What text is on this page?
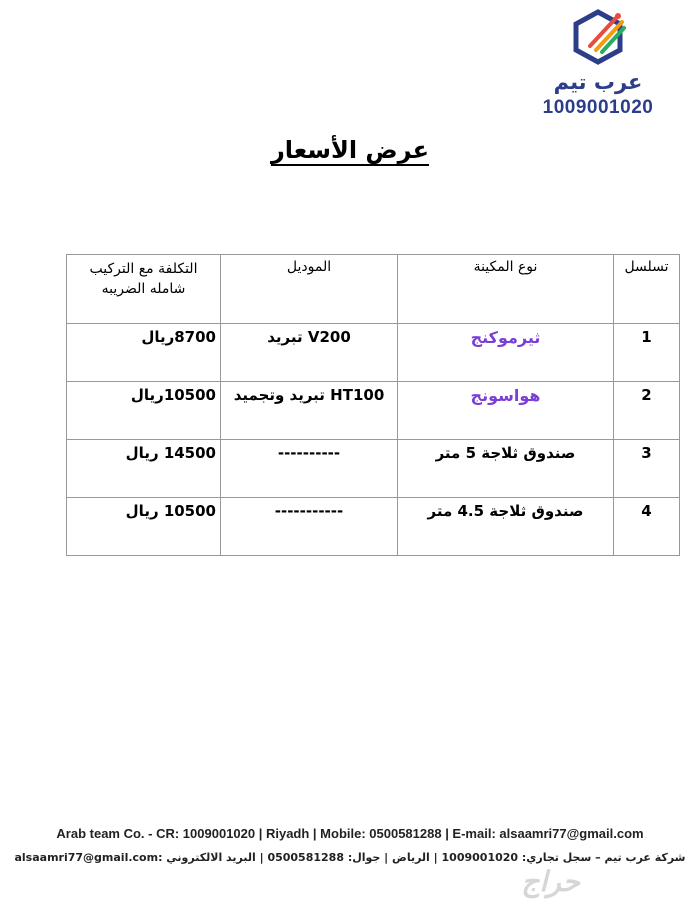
عرب تيم
1009001020
عرض الأسعار
تسلسل	نوع المكينة	الموديل	التكلفة مع التركيب شامله الضريبه
1	ثيرموكنج	V200 تبريد	8700ريال
2	هواسونج	HT100 تبريد وتجميد	10500ريال
3	صندوق ثلاجة 5 متر	----------	14500 ريال
4	صندوق ثلاجة 4.5 متر	-----------	10500 ريال
Arab team Co. - CR: 1009001020 | Riyadh | Mobile: 0500581288 | E-mail: alsaamri77@gmail.com
شركة عرب تيم – سجل تجاري: 1009001020 | الرياض | جوال: 0500581288 | البريد الالكتروني :alsaamri77@gmail.com
حراج
